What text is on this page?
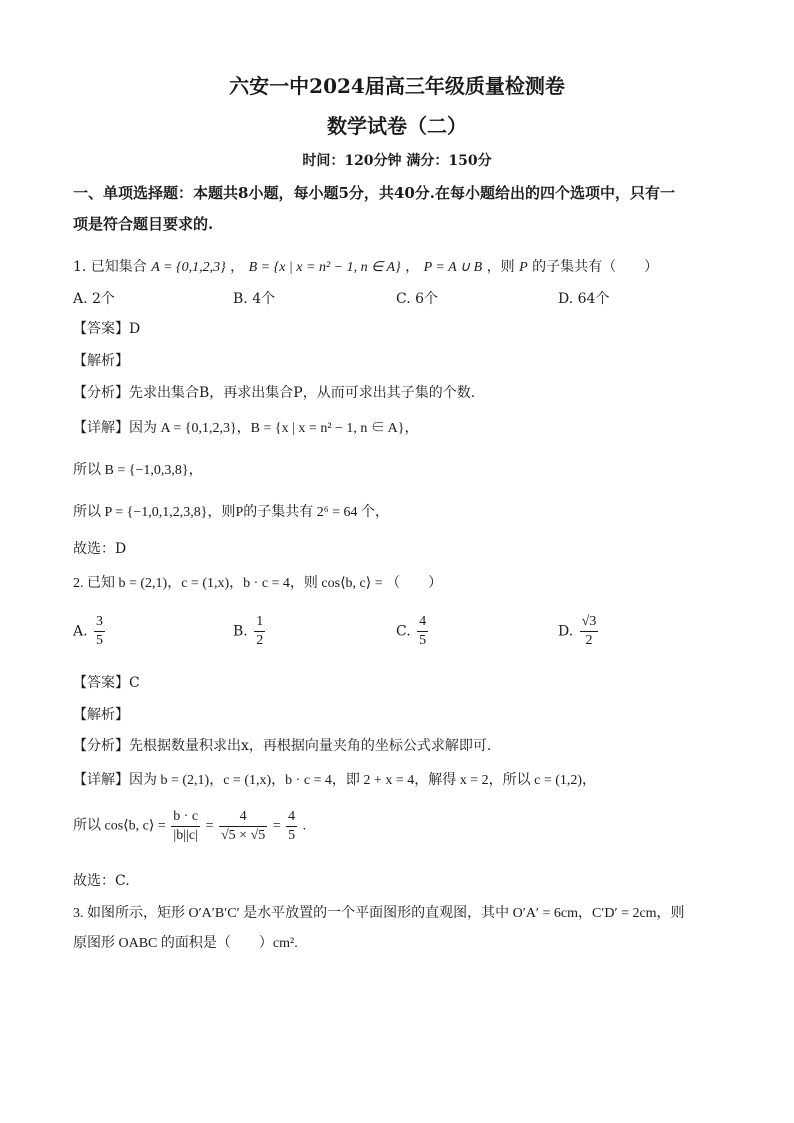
六安一中2024届高三年级质量检测卷
数学试卷（二）
时间：120分钟 满分：150分
一、单项选择题：本题共8小题，每小题5分，共40分.在每小题给出的四个选项中，只有一
项是符合题目要求的.
1. 已知集合 A = {0,1,2,3} ， B = {x | x = n² − 1, n ∈ A} ， P = A ∪ B ，则 P 的子集共有（　　）
A. 2个	B. 4个	C. 6个	D. 64个
【答案】D
【解析】
【分析】先求出集合B，再求出集合P，从而可求出其子集的个数.
【详解】因为 A = {0,1,2,3}，B = {x | x = n² − 1, n ∈ A}，
所以 B = {−1,0,3,8}，
所以 P = {−1,0,1,2,3,8}，则P的子集共有 2⁶ = 64 个，
故选：D
2. 已知 b = (2,1)，c = (1,x)，b · c = 4，则 cos⟨b, c⟩ = （　　）
A. $\frac{3}{5}$	B. $\frac{1}{2}$	C. $\frac{4}{5}$	D. $\frac{√3}{2}$
【答案】C
【解析】
【分析】先根据数量积求出x，再根据向量夹角的坐标公式求解即可.
【详解】因为 b = (2,1)，c = (1,x)，b · c = 4，即 2 + x = 4，解得 x = 2，所以 c = (1,2)，
所以 cos⟨b, c⟩ = $\frac{b \cdot c}{|b||c|} = \frac{4}{√5 \times √5} = \frac{4}{5}$ .
故选：C.
3. 如图所示，矩形 O′A′B′C′ 是水平放置的一个平面图形的直观图，其中 O′A′ = 6cm，C′D′ = 2cm，则
原图形 OABC 的面积是（　　）cm².
